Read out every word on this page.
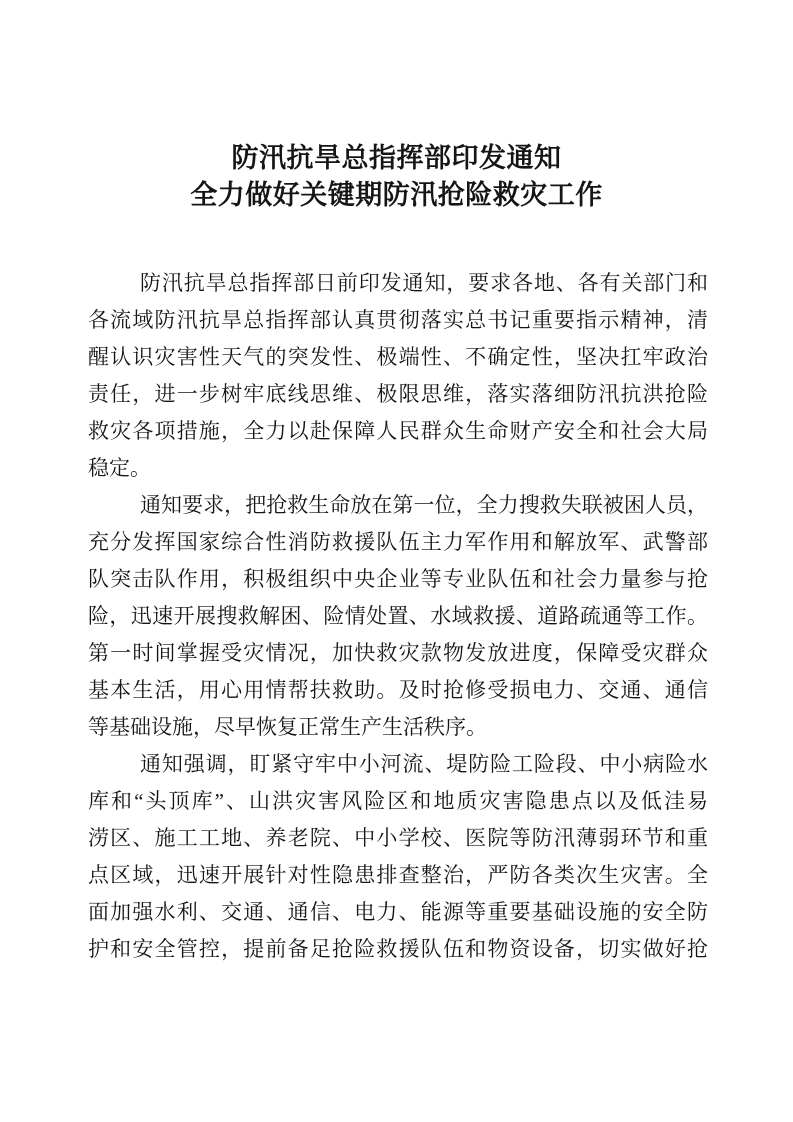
防汛抗旱总指挥部印发通知
全力做好关键期防汛抢险救灾工作
防汛抗旱总指挥部日前印发通知，要求各地、各有关部门和
各流域防汛抗旱总指挥部认真贯彻落实总书记重要指示精神，清
醒认识灾害性天气的突发性、极端性、不确定性，坚决扛牢政治
责任，进一步树牢底线思维、极限思维，落实落细防汛抗洪抢险
救灾各项措施，全力以赴保障人民群众生命财产安全和社会大局
稳定。
通知要求，把抢救生命放在第一位，全力搜救失联被困人员，
充分发挥国家综合性消防救援队伍主力军作用和解放军、武警部
队突击队作用，积极组织中央企业等专业队伍和社会力量参与抢
险，迅速开展搜救解困、险情处置、水域救援、道路疏通等工作。
第一时间掌握受灾情况，加快救灾款物发放进度，保障受灾群众
基本生活，用心用情帮扶救助。及时抢修受损电力、交通、通信
等基础设施，尽早恢复正常生产生活秩序。
通知强调，盯紧守牢中小河流、堤防险工险段、中小病险水
库和“头顶库”、山洪灾害风险区和地质灾害隐患点以及低洼易
涝区、施工工地、养老院、中小学校、医院等防汛薄弱环节和重
点区域，迅速开展针对性隐患排查整治，严防各类次生灾害。全
面加强水利、交通、通信、电力、能源等重要基础设施的安全防
护和安全管控，提前备足抢险救援队伍和物资设备，切实做好抢
